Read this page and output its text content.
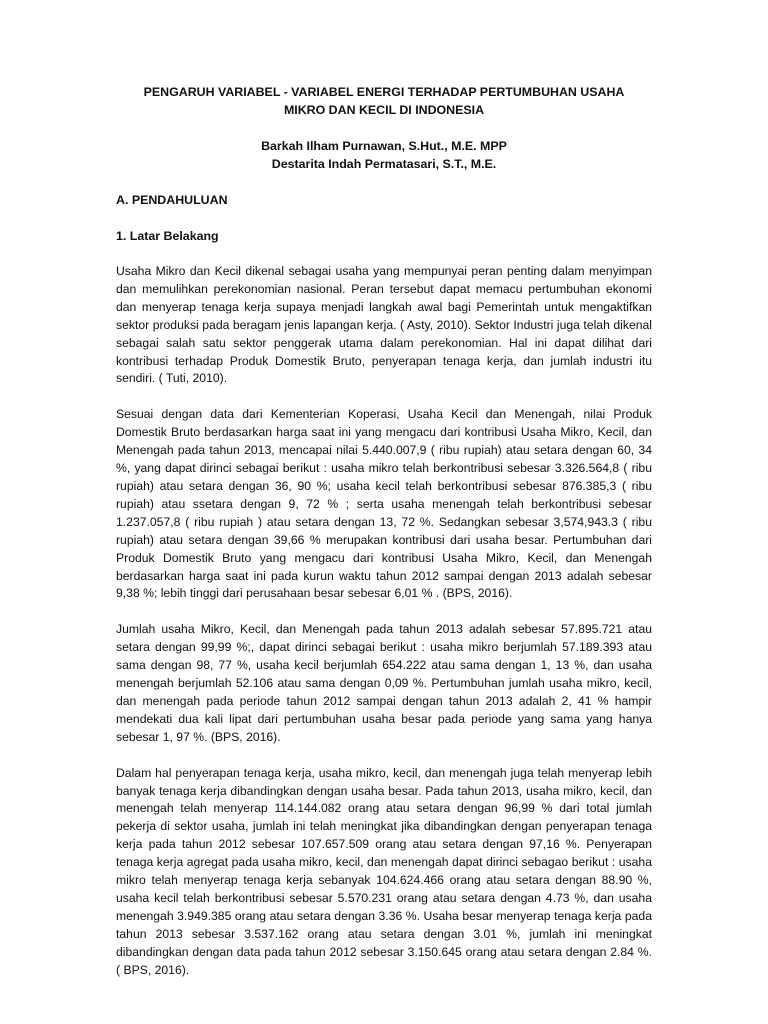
PENGARUH VARIABEL - VARIABEL ENERGI TERHADAP PERTUMBUHAN USAHA
MIKRO DAN KECIL DI INDONESIA
Barkah Ilham Purnawan, S.Hut., M.E. MPP
Destarita Indah Permatasari, S.T., M.E.
A. PENDAHULUAN
1. Latar Belakang

Usaha Mikro dan Kecil dikenal sebagai usaha yang mempunyai peran penting dalam menyimpan dan memulihkan perekonomian nasional. Peran tersebut dapat memacu pertumbuhan ekonomi dan menyerap tenaga kerja supaya menjadi langkah awal bagi Pemerintah untuk mengaktifkan sektor produksi pada beragam jenis lapangan kerja. ( Asty, 2010). Sektor Industri juga telah dikenal sebagai salah satu sektor penggerak utama dalam perekonomian. Hal ini dapat dilihat dari kontribusi terhadap Produk Domestik Bruto, penyerapan tenaga kerja, dan jumlah industri itu sendiri. ( Tuti, 2010).

Sesuai dengan data dari Kementerian Koperasi, Usaha Kecil dan Menengah, nilai Produk Domestik Bruto berdasarkan harga saat ini yang mengacu dari kontribusi Usaha Mikro, Kecil, dan Menengah pada tahun 2013, mencapai nilai 5.440.007,9 ( ribu rupiah) atau setara dengan 60, 34 %, yang dapat dirinci sebagai berikut : usaha mikro telah berkontribusi sebesar 3.326.564,8 ( ribu rupiah) atau setara dengan 36, 90 %; usaha kecil telah berkontribusi sebesar 876.385,3 ( ribu rupiah) atau ssetara dengan 9, 72 % ; serta usaha menengah telah berkontribusi sebesar 1.237.057,8 ( ribu rupiah ) atau setara dengan 13, 72 %. Sedangkan sebesar 3,574,943.3 ( ribu rupiah) atau setara dengan 39,66 % merupakan kontribusi dari usaha besar. Pertumbuhan dari Produk Domestik Bruto yang mengacu dari kontribusi Usaha Mikro, Kecil, dan Menengah berdasarkan harga saat ini pada kurun waktu tahun 2012 sampai dengan 2013 adalah sebesar 9,38 %; lebih tinggi dari perusahaan besar sebesar 6,01 % . (BPS, 2016).

Jumlah usaha Mikro, Kecil, dan Menengah pada tahun 2013 adalah sebesar 57.895.721 atau setara dengan 99,99 %;, dapat dirinci sebagai berikut : usaha mikro berjumlah 57.189.393 atau sama dengan 98, 77 %, usaha kecil berjumlah 654.222 atau sama dengan 1, 13 %, dan usaha menengah berjumlah 52.106 atau sama dengan 0,09 %. Pertumbuhan jumlah usaha mikro, kecil, dan menengah pada periode tahun 2012 sampai dengan tahun 2013 adalah 2, 41 % hampir mendekati dua kali lipat dari pertumbuhan usaha besar pada periode yang sama yang hanya sebesar 1, 97 %. (BPS, 2016).

Dalam hal penyerapan tenaga kerja, usaha mikro, kecil, dan menengah juga telah menyerap lebih banyak tenaga kerja dibandingkan dengan usaha besar. Pada tahun 2013, usaha mikro, kecil, dan menengah telah menyerap 114.144.082 orang atau setara dengan 96,99 % dari total jumlah pekerja di sektor usaha, jumlah ini telah meningkat jika dibandingkan dengan penyerapan tenaga kerja pada tahun 2012 sebesar 107.657.509 orang atau setara dengan 97,16 %. Penyerapan tenaga kerja agregat pada usaha mikro, kecil, dan menengah dapat dirinci sebagao berikut : usaha mikro telah menyerap tenaga kerja sebanyak 104.624.466 orang atau setara dengan 88.90 %, usaha kecil telah berkontribusi sebesar 5.570.231 orang atau setara dengan 4.73 %, dan usaha menengah 3.949.385 orang atau setara dengan 3.36 %. Usaha besar menyerap tenaga kerja pada tahun 2013 sebesar 3.537.162 orang atau setara dengan 3.01 %, jumlah ini meningkat dibandingkan dengan data pada tahun 2012 sebesar 3.150.645 orang atau setara dengan 2.84 %. ( BPS, 2016).
